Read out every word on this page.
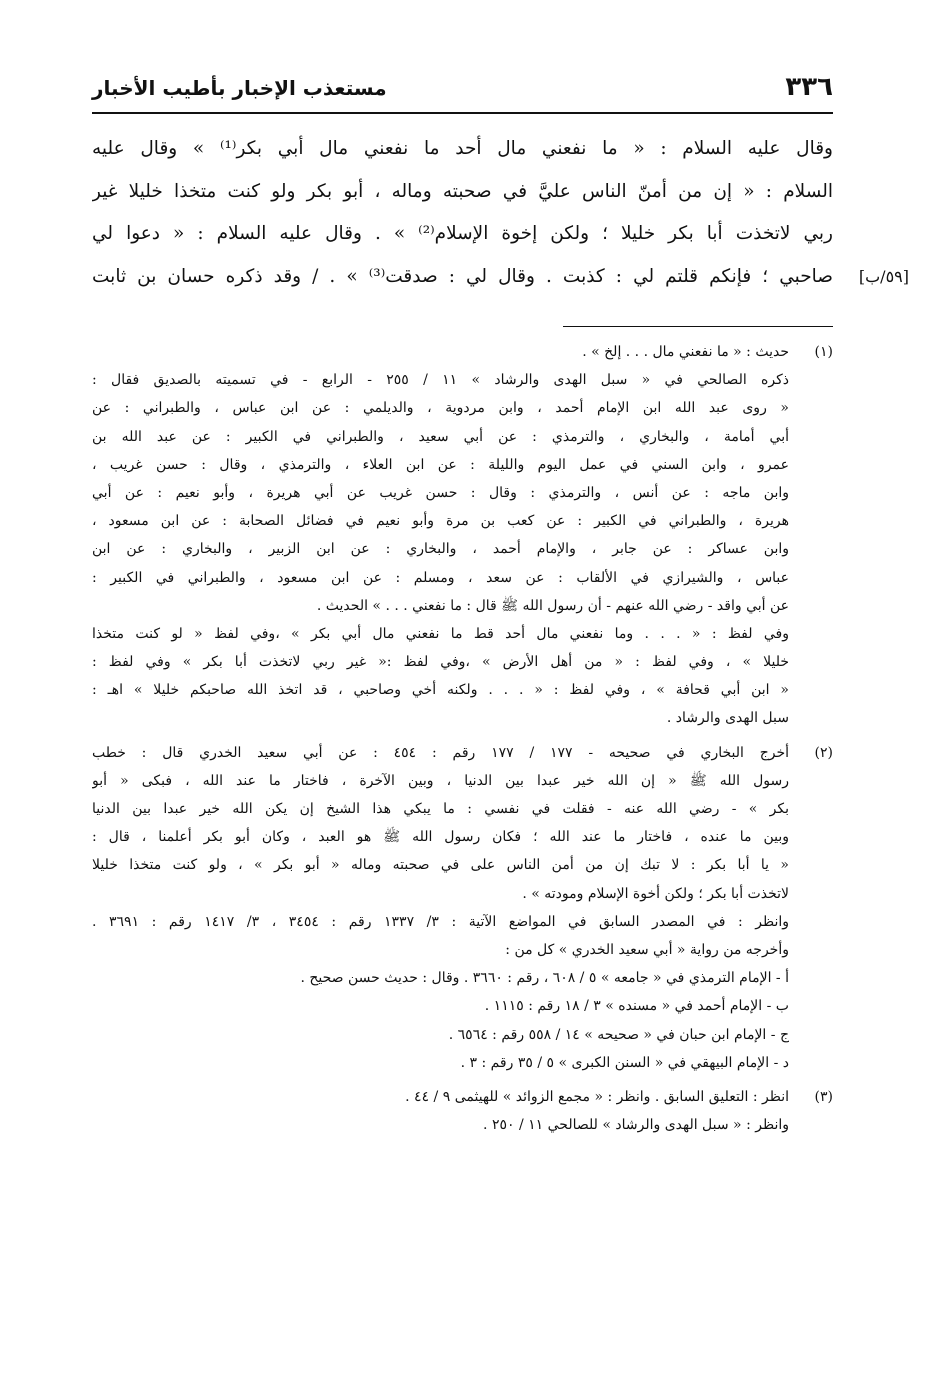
٣٣٦
مستعذب الإخبار بأطيب الأخبار
وقال عليه السلام : « ما نفعني مال أحد ما نفعني مال أبي بكر⁽¹⁾ » وقال عليه
السلام : « إن من أمنّ الناس عليَّ في صحبته وماله ، أبو بكر ولو كنت متخذا خليلا غير
ربي لاتخذت أبا بكر خليلا ؛ ولكن إخوة الإسلام⁽²⁾ » . وقال عليه السلام : « دعوا لي
صاحبي ؛ فإنكم قلتم لي : كذبت . وقال لي : صدقت⁽³⁾ » . / وقد ذكره حسان بن ثابت [٥٩/ب]
(١)
حديث : « ما نفعني مال . . . إلخ » .
ذكره الصالحي في « سبل الهدى والرشاد » ١١ / ٢٥٥ - الرابع - في تسميته بالصديق فقال :
« روى عبد الله ابن الإمام أحمد ، وابن مردوية ، والديلمي : عن ابن عباس ، والطبراني : عن
أبي أمامة ، والبخاري ، والترمذي : عن أبي سعيد ، والطبراني في الكبير : عن عبد الله بن
عمرو ، وابن السني في عمل اليوم والليلة : عن ابن العلاء ، والترمذي ، وقال : حسن غريب ،
وابن ماجه : عن أنس ، والترمذي : وقال : حسن غريب عن أبي هريرة ، وأبو نعيم : عن أبي
هريرة ، والطبراني في الكبير : عن كعب بن مرة وأبو نعيم في فضائل الصحابة : عن ابن مسعود ،
وابن عساكر : عن جابر ، والإمام أحمد ، والبخاري : عن ابن الزبير ، والبخاري : عن ابن
عباس ، والشيرازي في الألقاب : عن سعد ، ومسلم : عن ابن مسعود ، والطبراني في الكبير :
عن أبي واقد - رضي الله عنهم - أن رسول الله ﷺ قال : ما نفعني . . . » الحديث .
وفي لفظ : « . . . وما نفعني مال أحد قط ما نفعني مال أبي بكر » ،وفي لفظ « لو كنت متخذا
خليلا » ، وفي لفظ : « من أهل الأرض » ،وفي لفظ :« غير ربي لاتخذت أبا بكر » وفي لفظ :
« ابن أبي قحافة » ، وفي لفظ : « . . . ولكنه أخي وصاحبي ، قد اتخذ الله صاحبكم خليلا » اهـ :
سبل الهدى والرشاد .
(٢)
أخرج البخاري في صحيحه - ١٧٧ / ١٧٧ رقم : ٤٥٤ : عن أبي سعيد الخدري قال : خطب
رسول الله ﷺ « إن الله خير عبدا بين الدنيا ، وبين الآخرة ، فاختار ما عند الله ، فبكى « أبو
بكر » - رضي الله عنه - فقلت في نفسي : ما يبكي هذا الشيخ إن يكن الله خير عبدا بين الدنيا
وبين ما عنده ، فاختار ما عند الله ؛ فكان رسول الله ﷺ هو العبد ، وكان أبو بكر أعلمنا ، قال :
« يا أبا بكر : لا تبك إن من أمن الناس على في صحبته وماله « أبو بكر » ، ولو كنت متخذا خليلا
لاتخذت أبا بكر ؛ ولكن أخوة الإسلام ومودته » .
وانظر : في المصدر السابق في المواضع الآتية : ٣/ ١٣٣٧ رقم : ٣٤٥٤ ، ٣/ ١٤١٧ رقم : ٣٦٩١ .
وأخرجه من رواية « أبي سعيد الخدري » كل من :
أ - الإمام الترمذي في « جامعه » ٥ / ٦٠٨ ، رقم : ٣٦٦٠ . وقال : حديث حسن صحيح .
ب - الإمام أحمد في « مسنده » ٣ / ١٨ رقم : ١١١٥ .
ج - الإمام ابن حبان في « صحيحه » ١٤ / ٥٥٨ رقم : ٦٥٦٤ .
د - الإمام البيهقي في « السنن الكبرى » ٥ / ٣٥ رقم : ٣ .
(٣)
انظر : التعليق السابق . وانظر : « مجمع الزوائد » للهيثمى ٩ / ٤٤ .
وانظر : « سبل الهدى والرشاد » للصالحي ١١ / ٢٥٠ .
